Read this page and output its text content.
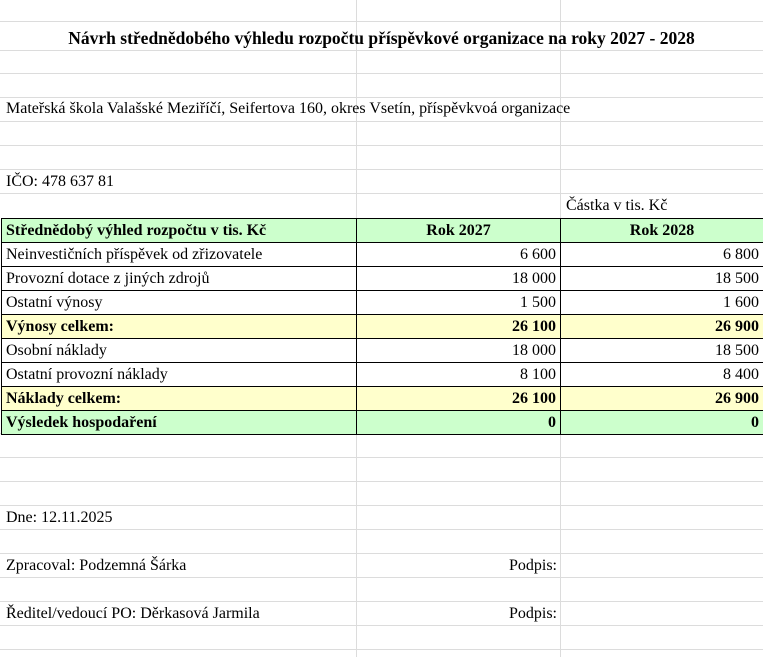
Návrh střednědobého výhledu rozpočtu příspěvkové organizace na roky 2027 - 2028
Mateřská škola Valašské Meziříčí, Seifertova 160, okres Vsetín, příspěvkvoá organizace
IČO: 478 637 81
Částka v tis. Kč
Střednědobý výhled rozpočtu v tis. Kč	Rok 2027	Rok 2028
Neinvestičních příspěvek od zřizovatele	6 600	6 800
Provozní dotace z jiných zdrojů	18 000	18 500
Ostatní výnosy	1 500	1 600
Výnosy celkem:	26 100	26 900
Osobní náklady	18 000	18 500
Ostatní provozní náklady	8 100	8 400
Náklady celkem:	26 100	26 900
Výsledek hospodaření	0	0
Dne: 12.11.2025
Zpracoval: Podzemná Šárka	Podpis:
Ředitel/vedoucí PO: Děrkasová Jarmila	Podpis:
